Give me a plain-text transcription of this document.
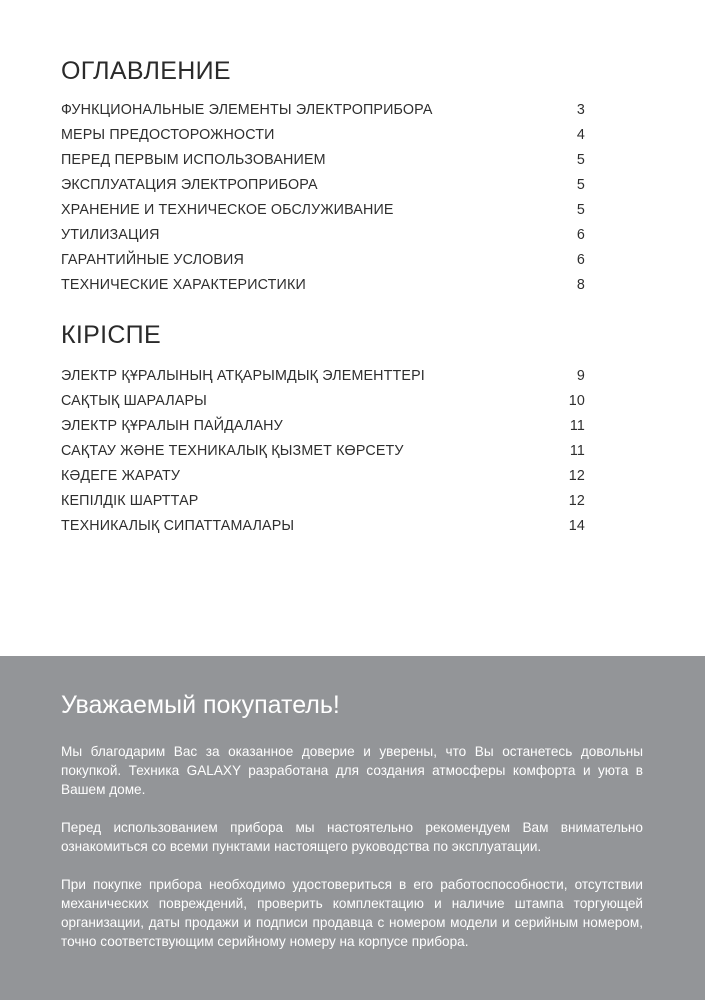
ОГЛАВЛЕНИЕ
ФУНКЦИОНАЛЬНЫЕ ЭЛЕМЕНТЫ ЭЛЕКТРОПРИБОРА	3
МЕРЫ ПРЕДОСТОРОЖНОСТИ	4
ПЕРЕД ПЕРВЫМ ИСПОЛЬЗОВАНИЕМ	5
ЭКСПЛУАТАЦИЯ ЭЛЕКТРОПРИБОРА	5
ХРАНЕНИЕ И ТЕХНИЧЕСКОЕ ОБСЛУЖИВАНИЕ	5
УТИЛИЗАЦИЯ	6
ГАРАНТИЙНЫЕ УСЛОВИЯ	6
ТЕХНИЧЕСКИЕ ХАРАКТЕРИСТИКИ	8
КІРІСПЕ
ЭЛЕКТР ҚҰРАЛЫНЫҢ АТҚАРЫМДЫҚ ЭЛЕМЕНТТЕРІ	9
САҚТЫҚ ШАРАЛАРЫ	10
ЭЛЕКТР ҚҰРАЛЫН ПАЙДАЛАНУ	11
САҚТАУ ЖӘНЕ ТЕХНИКАЛЫҚ ҚЫЗМЕТ КӨРСЕТУ	11
КӘДЕГЕ ЖАРАТУ	12
КЕПІЛДІК ШАРТТАР	12
ТЕХНИКАЛЫҚ СИПАТТАМАЛАРЫ	14
Уважаемый покупатель!

Мы благодарим Вас за оказанное доверие и уверены, что Вы останетесь довольны покупкой. Техника GALAXY разработана для создания атмосферы комфорта и уюта в Вашем доме.

Перед использованием прибора мы настоятельно рекомендуем Вам внимательно ознакомиться со всеми пунктами настоящего руководства по эксплуатации.

При покупке прибора необходимо удостовериться в его работоспособности, отсутствии механических повреждений, проверить комплектацию и наличие штампа торгующей организации, даты продажи и подписи продавца с номером модели и серийным номером, точно соответствующим серийному номеру на корпусе прибора.
